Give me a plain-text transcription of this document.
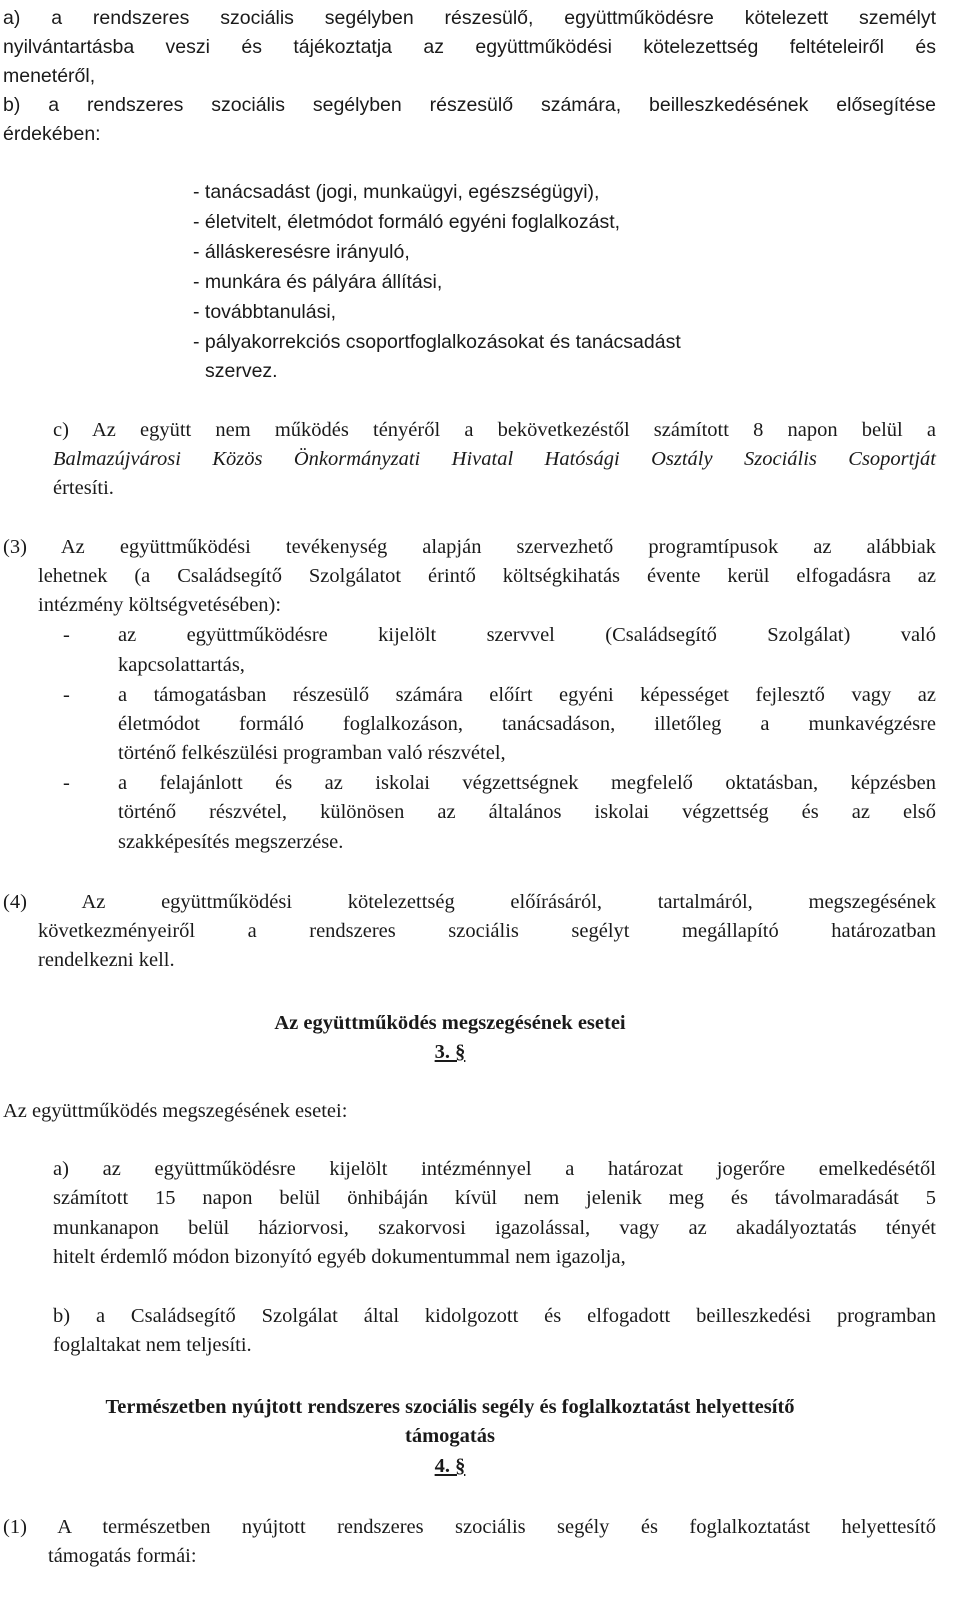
a) a rendszeres szociális segélyben részesülő, együttműködésre kötelezett személyt
nyilvántartásba veszi és tájékoztatja az együttműködési kötelezettség feltételeiről és
menetéről,
b) a rendszeres szociális segélyben részesülő számára, beilleszkedésének elősegítése
érdekében:
- tanácsadást (jogi, munkaügyi, egészségügyi),
- életvitelt, életmódot formáló egyéni foglalkozást,
- álláskeresésre irányuló,
- munkára és pályára állítási,
- továbbtanulási,
- pályakorrekciós csoportfoglalkozásokat és tanácsadást
szervez.
c) Az együtt nem működés tényéről a bekövetkezéstől számított 8 napon belül a
Balmazújvárosi Közös Önkormányzati Hivatal Hatósági Osztály Szociális Csoportját
értesíti.
(3) Az együttműködési tevékenység alapján szervezhető programtípusok az alábbiak
lehetnek (a Családsegítő Szolgálatot érintő költségkihatás évente kerül elfogadásra az
intézmény költségvetésében):
- az együttműködésre kijelölt szervvel (Családsegítő Szolgálat) való
kapcsolattartás,
- a támogatásban részesülő számára előírt egyéni képességet fejlesztő vagy az
életmódot formáló foglalkozáson, tanácsadáson, illetőleg a munkavégzésre
történő felkészülési programban való részvétel,
- a felajánlott és az iskolai végzettségnek megfelelő oktatásban, képzésben
történő részvétel, különösen az általános iskolai végzettség és az első
szakképesítés megszerzése.
(4) Az együttműködési kötelezettség előírásáról, tartalmáról, megszegésének
következményeiről a rendszeres szociális segélyt megállapító határozatban
rendelkezni kell.
Az együttműködés megszegésének esetei
3. §
Az együttműködés megszegésének esetei:
a) az együttműködésre kijelölt intézménnyel a határozat jogerőre emelkedésétől
számított 15 napon belül önhibáján kívül nem jelenik meg és távolmaradását 5
munkanapon belül háziorvosi, szakorvosi igazolással, vagy az akadályoztatás tényét
hitelt érdemlő módon bizonyító egyéb dokumentummal nem igazolja,
b) a Családsegítő Szolgálat által kidolgozott és elfogadott beilleszkedési programban
foglaltakat nem teljesíti.
Természetben nyújtott rendszeres szociális segély és foglalkoztatást helyettesítő
támogatás
4. §
(1) A természetben nyújtott rendszeres szociális segély és foglalkoztatást helyettesítő
támogatás formái:
